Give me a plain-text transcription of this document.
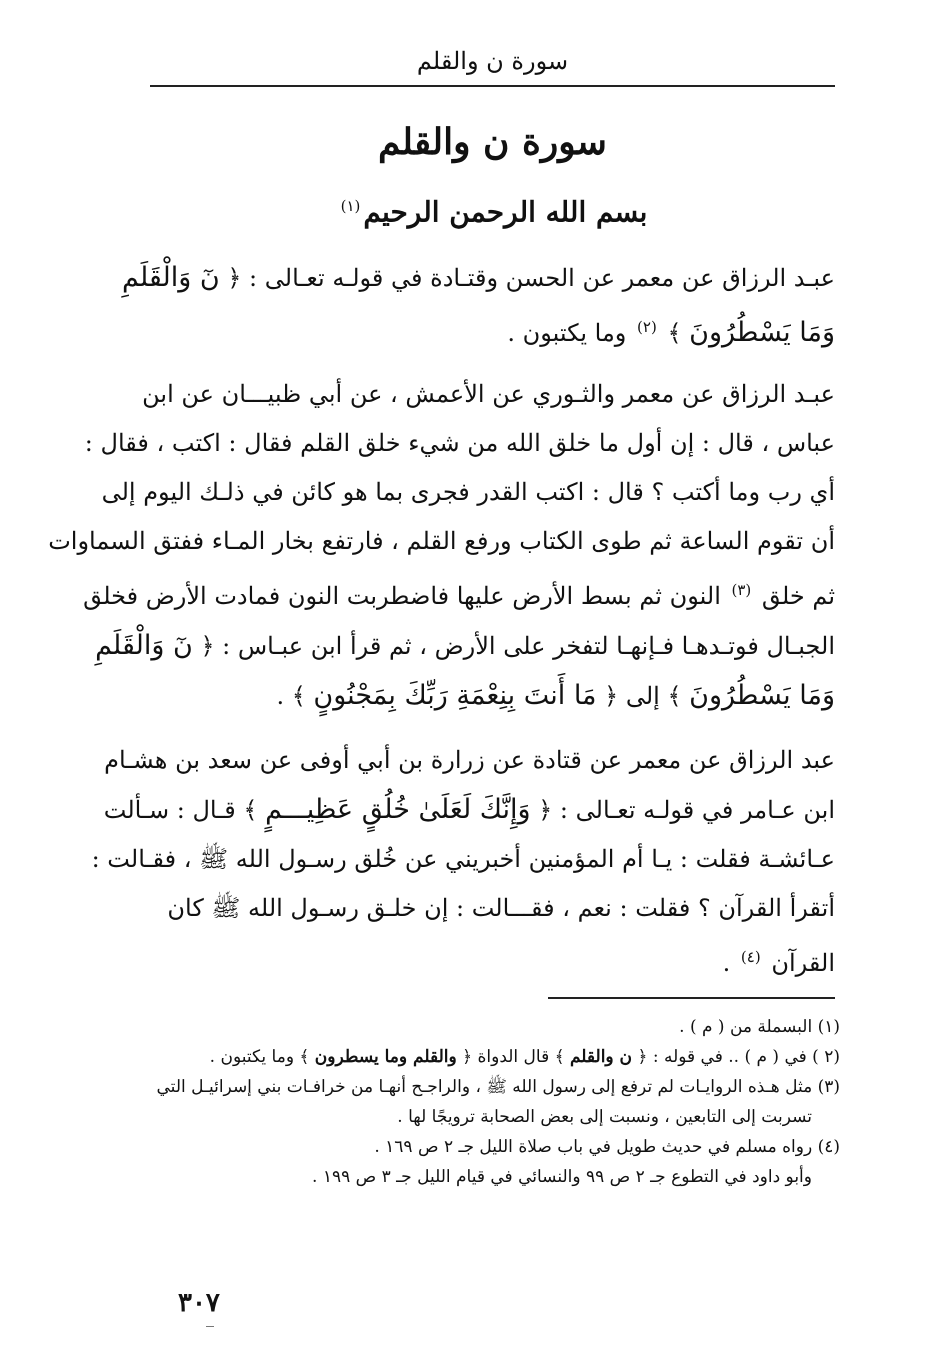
سورة ن والقلم
سورة ن والقلم
بسم الله الرحمن الرحيم$^{(١)}$
عبـد الرزاق عن معمر عن الحسن وقتـادة في قولـه تعـالى : ﴿ نٓ وَالْقَلَمِ
وَمَا يَسْطُرُونَ ﴾ $^{(٢)}$ وما يكتبون .
عبـد الرزاق عن معمر والثـوري عن الأعمش ، عن أبي ظبيـــان عن ابن
عباس ، قال : إن أول ما خلق الله من شيء خلق القلم فقال : اكتب ، فقال :
أي رب وما أكتب ؟ قال : اكتب القدر فجرى بما هو كائن في ذلـك اليوم إلى
أن تقوم الساعة ثم طوى الكتاب ورفع القلم ، فارتفع بخار المـاء ففتق السماوات
ثم خلق $^{(٣)}$ النون ثم بسط الأرض عليها فاضطربت النون فمادت الأرض فخلق
الجبـال فوتـدهـا فـإنهـا لتفخر على الأرض ، ثم قرأ ابن عبـاس : ﴿ نٓ وَالْقَلَمِ
وَمَا يَسْطُرُونَ ﴾ إلى ﴿ مَا أَنتَ بِنِعْمَةِ رَبِّكَ بِمَجْنُونٍ ﴾ .
عبد الرزاق عن معمر عن قتادة عن زرارة بن أبي أوفى عن سعد بن هشـام
ابن عـامر في قولـه تعـالى : ﴿ وَإِنَّكَ لَعَلَىٰ خُلُقٍ عَظِيـــمٍ ﴾ قـال : سـألت
عـائشـة فقلت : يـا أم المؤمنين أخبريني عن خُلق رسـول الله ﷺ ، فقـالت :
أتقرأ القرآن ؟ فقلت : نعم ، فقـــالت : إن خلـق رسـول الله ﷺ كان
القرآن $^{(٤)}$ .
(١) البسملة من ( م ) .
(٢ ) في ( م ) .. في قوله : ﴿ ن والقلم ﴾ قال الدواة ﴿ والقلم وما يسطرون ﴾ وما يكتبون .
(٣) مثل هـذه الروايـات لم ترفع إلى رسول الله ﷺ ، والراجـح أنهـا من خرافـات بني إسرائيـل التي
تسربت إلى التابعين ، ونسبت إلى بعض الصحابة ترويجًا لها .
(٤) رواه مسلم في حديث طويل في باب صلاة الليل جـ ٢ ص ١٦٩ .
وأبو داود في التطوع جـ ٢ ص ٩٩ والنسائي في قيام الليل جـ ٣ ص ١٩٩ .
٣٠٧
